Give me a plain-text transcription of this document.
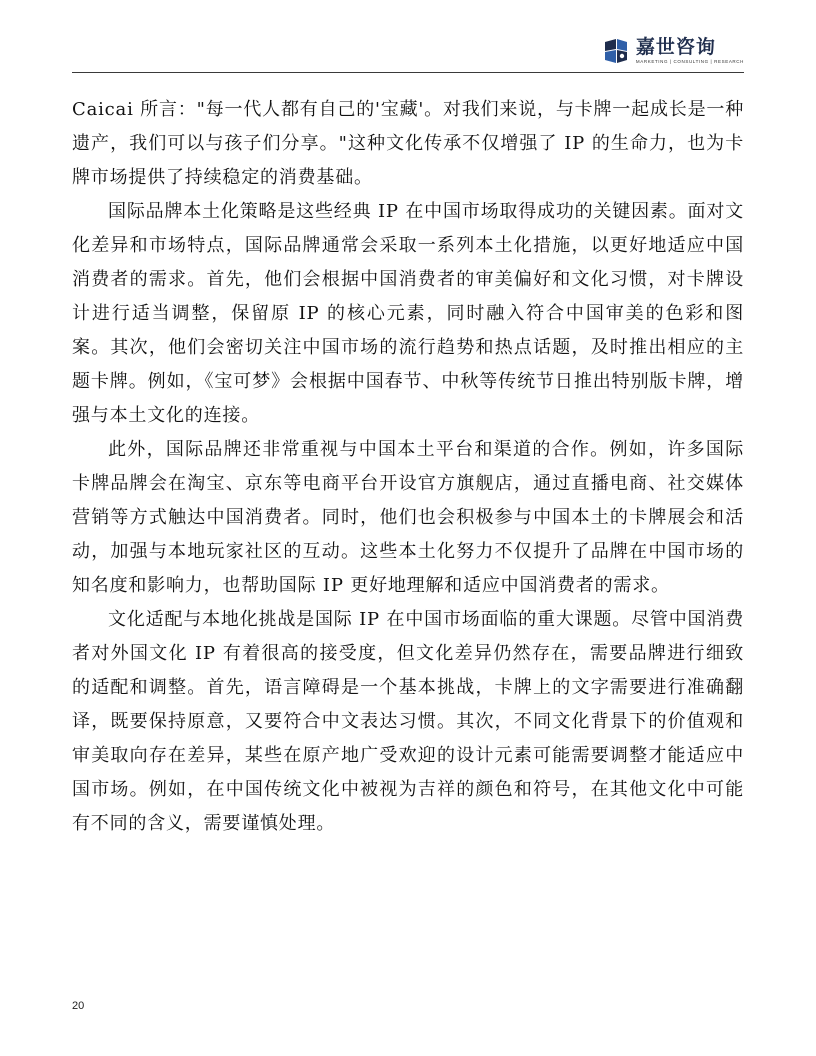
嘉世咨询
MARKETING | CONSULTING | RESEARCH

Caicai 所言："每一代人都有自己的'宝藏'。对我们来说，与卡牌一起成长是一种遗产，我们可以与孩子们分享。"这种文化传承不仅增强了 IP 的生命力，也为卡牌市场提供了持续稳定的消费基础。

国际品牌本土化策略是这些经典 IP 在中国市场取得成功的关键因素。面对文化差异和市场特点，国际品牌通常会采取一系列本土化措施，以更好地适应中国消费者的需求。首先，他们会根据中国消费者的审美偏好和文化习惯，对卡牌设计进行适当调整，保留原 IP 的核心元素，同时融入符合中国审美的色彩和图案。其次，他们会密切关注中国市场的流行趋势和热点话题，及时推出相应的主题卡牌。例如，《宝可梦》会根据中国春节、中秋等传统节日推出特别版卡牌，增强与本土文化的连接。

此外，国际品牌还非常重视与中国本土平台和渠道的合作。例如，许多国际卡牌品牌会在淘宝、京东等电商平台开设官方旗舰店，通过直播电商、社交媒体营销等方式触达中国消费者。同时，他们也会积极参与中国本土的卡牌展会和活动，加强与本地玩家社区的互动。这些本土化努力不仅提升了品牌在中国市场的知名度和影响力，也帮助国际 IP 更好地理解和适应中国消费者的需求。

文化适配与本地化挑战是国际 IP 在中国市场面临的重大课题。尽管中国消费者对外国文化 IP 有着很高的接受度，但文化差异仍然存在，需要品牌进行细致的适配和调整。首先，语言障碍是一个基本挑战，卡牌上的文字需要进行准确翻译，既要保持原意，又要符合中文表达习惯。其次，不同文化背景下的价值观和审美取向存在差异，某些在原产地广受欢迎的设计元素可能需要调整才能适应中国市场。例如，在中国传统文化中被视为吉祥的颜色和符号，在其他文化中可能有不同的含义，需要谨慎处理。

20
